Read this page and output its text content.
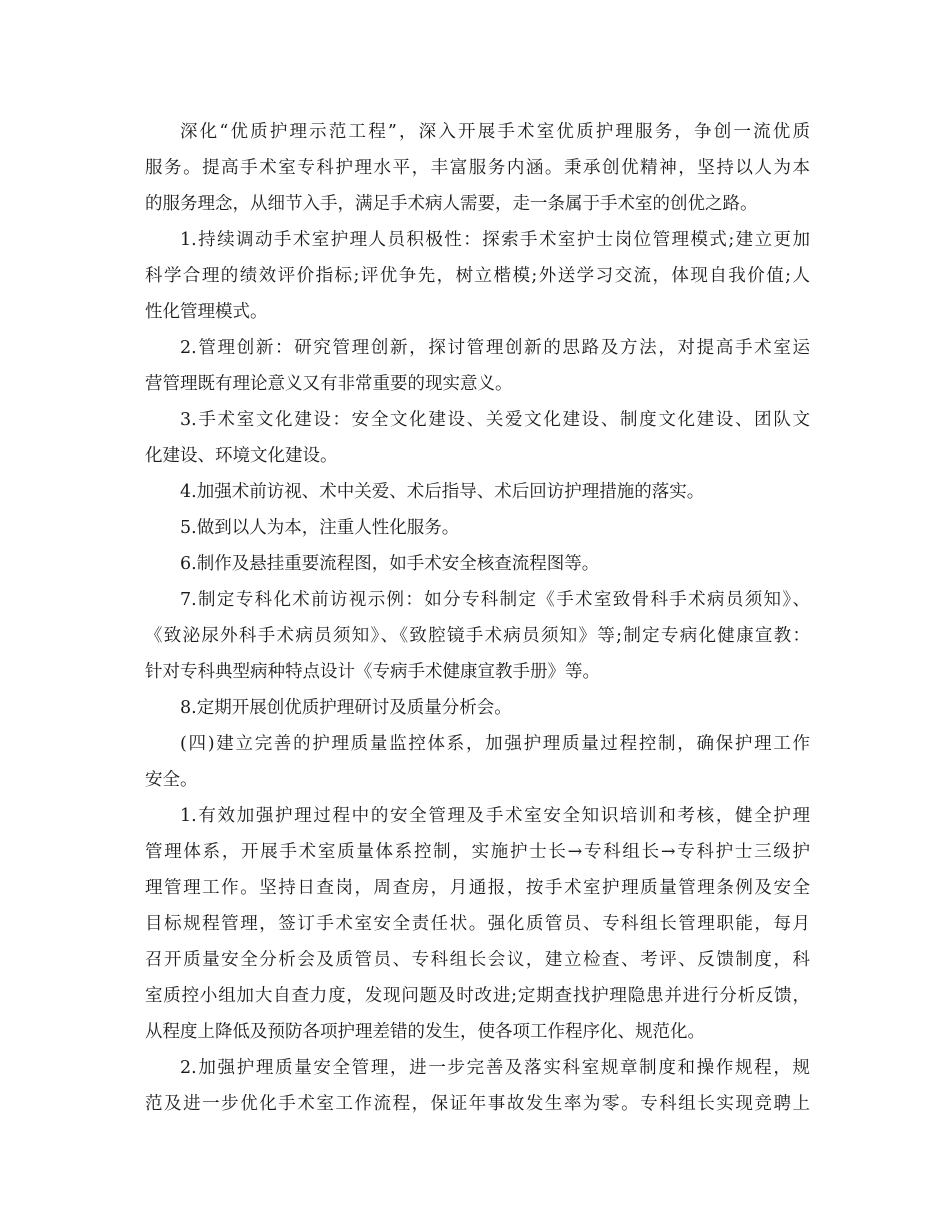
深化“优质护理示范工程”，深入开展手术室优质护理服务，争创一流优质
服务。提高手术室专科护理水平，丰富服务内涵。秉承创优精神，坚持以人为本
的服务理念，从细节入手，满足手术病人需要，走一条属于手术室的创优之路。
1.持续调动手术室护理人员积极性：探索手术室护士岗位管理模式;建立更加
科学合理的绩效评价指标;评优争先，树立楷模;外送学习交流，体现自我价值;人
性化管理模式。
2.管理创新：研究管理创新，探讨管理创新的思路及方法，对提高手术室运
营管理既有理论意义又有非常重要的现实意义。
3.手术室文化建设：安全文化建设、关爱文化建设、制度文化建设、团队文
化建设、环境文化建设。
4.加强术前访视、术中关爱、术后指导、术后回访护理措施的落实。
5.做到以人为本，注重人性化服务。
6.制作及悬挂重要流程图，如手术安全核查流程图等。
7.制定专科化术前访视示例：如分专科制定《手术室致骨科手术病员须知》、
《致泌尿外科手术病员须知》、《致腔镜手术病员须知》等;制定专病化健康宣教：
针对专科典型病种特点设计《专病手术健康宣教手册》等。
8.定期开展创优质护理研讨及质量分析会。
(四)建立完善的护理质量监控体系，加强护理质量过程控制，确保护理工作
安全。
1.有效加强护理过程中的安全管理及手术室安全知识培训和考核，健全护理
管理体系，开展手术室质量体系控制，实施护士长→专科组长→专科护士三级护
理管理工作。坚持日查岗，周查房，月通报，按手术室护理质量管理条例及安全
目标规程管理，签订手术室安全责任状。强化质管员、专科组长管理职能，每月
召开质量安全分析会及质管员、专科组长会议，建立检查、考评、反馈制度，科
室质控小组加大自查力度，发现问题及时改进;定期查找护理隐患并进行分析反馈，
从程度上降低及预防各项护理差错的发生，使各项工作程序化、规范化。
2.加强护理质量安全管理，进一步完善及落实科室规章制度和操作规程，规
范及进一步优化手术室工作流程，保证年事故发生率为零。专科组长实现竞聘上
